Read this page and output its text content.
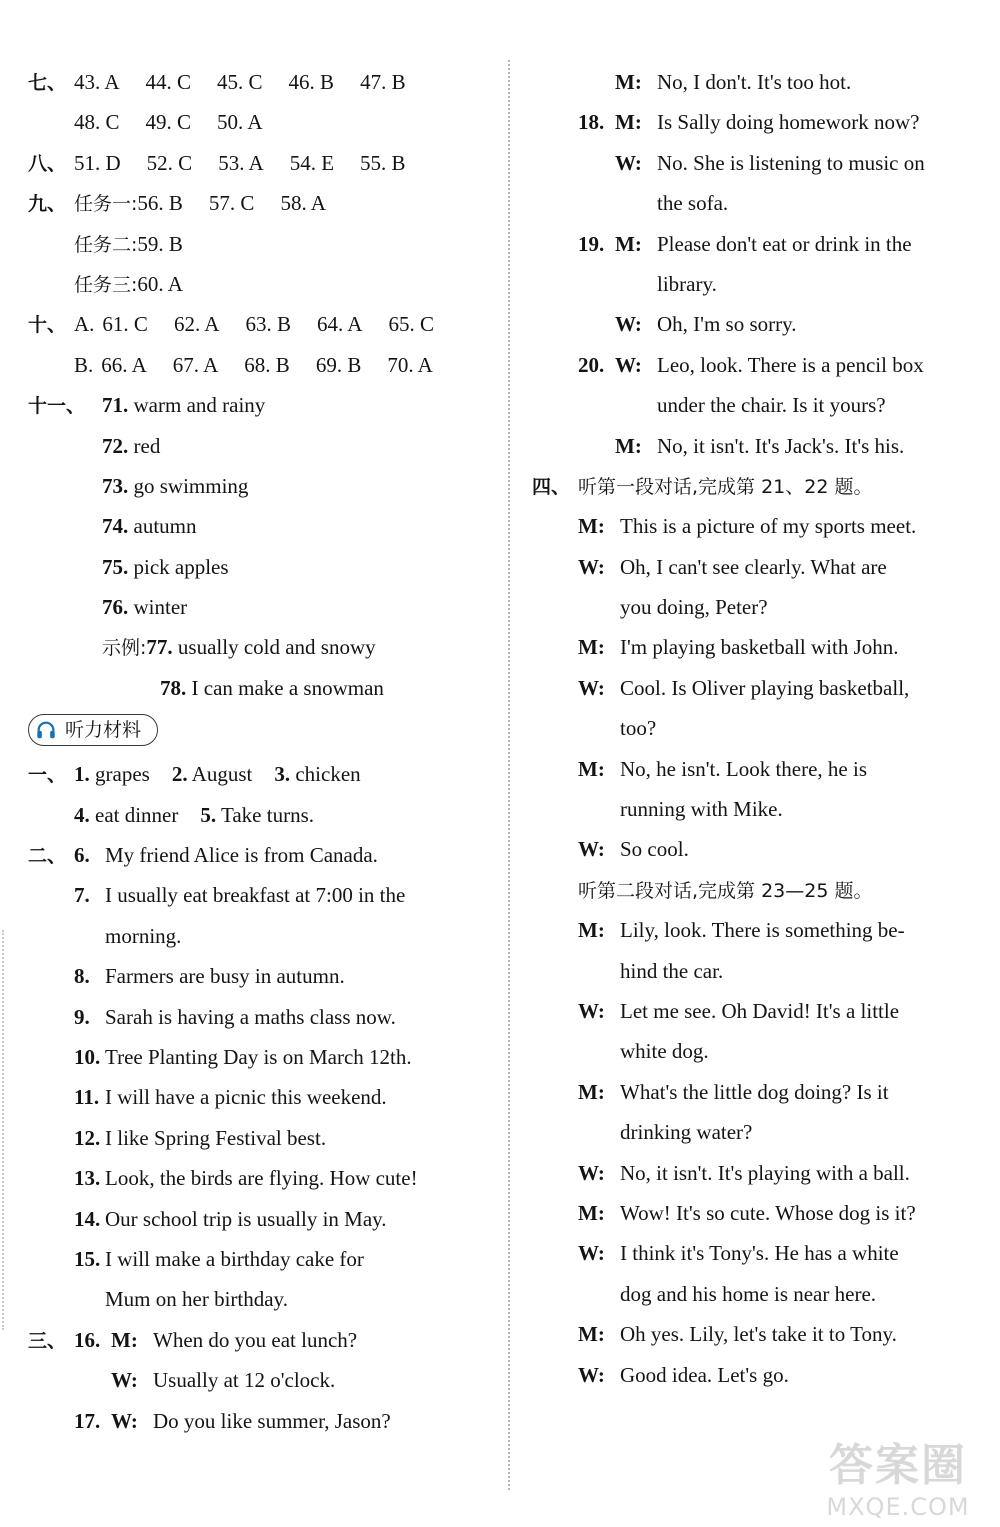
七、 43. A 44. C 45. C 46. B 47. B
48. C 49. C 50. A
八、 51. D 52. C 53. A 54. E 55. B
九、 任务一:56. B 57. C 58. A
任务二:59. B
任务三:60. A
十、 A. 61. C 62. A 63. B 64. A 65. C
B. 66. A 67. A 68. B 69. B 70. A
十一、 71. warm and rainy
72. red
73. go swimming
74. autumn
75. pick apples
76. winter
示例:77. usually cold and snowy
78. I can make a snowman
听力材料
一、 1. grapes 2. August 3. chicken
4. eat dinner 5. Take turns.
二、 6. My friend Alice is from Canada.
7. I usually eat breakfast at 7:00 in the
morning.
8. Farmers are busy in autumn.
9. Sarah is having a maths class now.
10. Tree Planting Day is on March 12th.
11. I will have a picnic this weekend.
12. I like Spring Festival best.
13. Look, the birds are flying. How cute!
14. Our school trip is usually in May.
15. I will make a birthday cake for
Mum on her birthday.
三、 16. M: When do you eat lunch?
W: Usually at 12 o'clock.
17. W: Do you like summer, Jason?
M: No, I don't. It's too hot.
18. M: Is Sally doing homework now?
W: No. She is listening to music on
the sofa.
19. M: Please don't eat or drink in the
library.
W: Oh, I'm so sorry.
20. W: Leo, look. There is a pencil box
under the chair. Is it yours?
M: No, it isn't. It's Jack's. It's his.
四、 听第一段对话,完成第 21、22 题。
M: This is a picture of my sports meet.
W: Oh, I can't see clearly. What are
you doing, Peter?
M: I'm playing basketball with John.
W: Cool. Is Oliver playing basketball,
too?
M: No, he isn't. Look there, he is
running with Mike.
W: So cool.
听第二段对话,完成第 23—25 题。
M: Lily, look. There is something be-
hind the car.
W: Let me see. Oh David! It's a little
white dog.
M: What's the little dog doing? Is it
drinking water?
W: No, it isn't. It's playing with a ball.
M: Wow! It's so cute. Whose dog is it?
W: I think it's Tony's. He has a white
dog and his home is near here.
M: Oh yes. Lily, let's take it to Tony.
W: Good idea. Let's go.
答案圈
MXQE.COM
